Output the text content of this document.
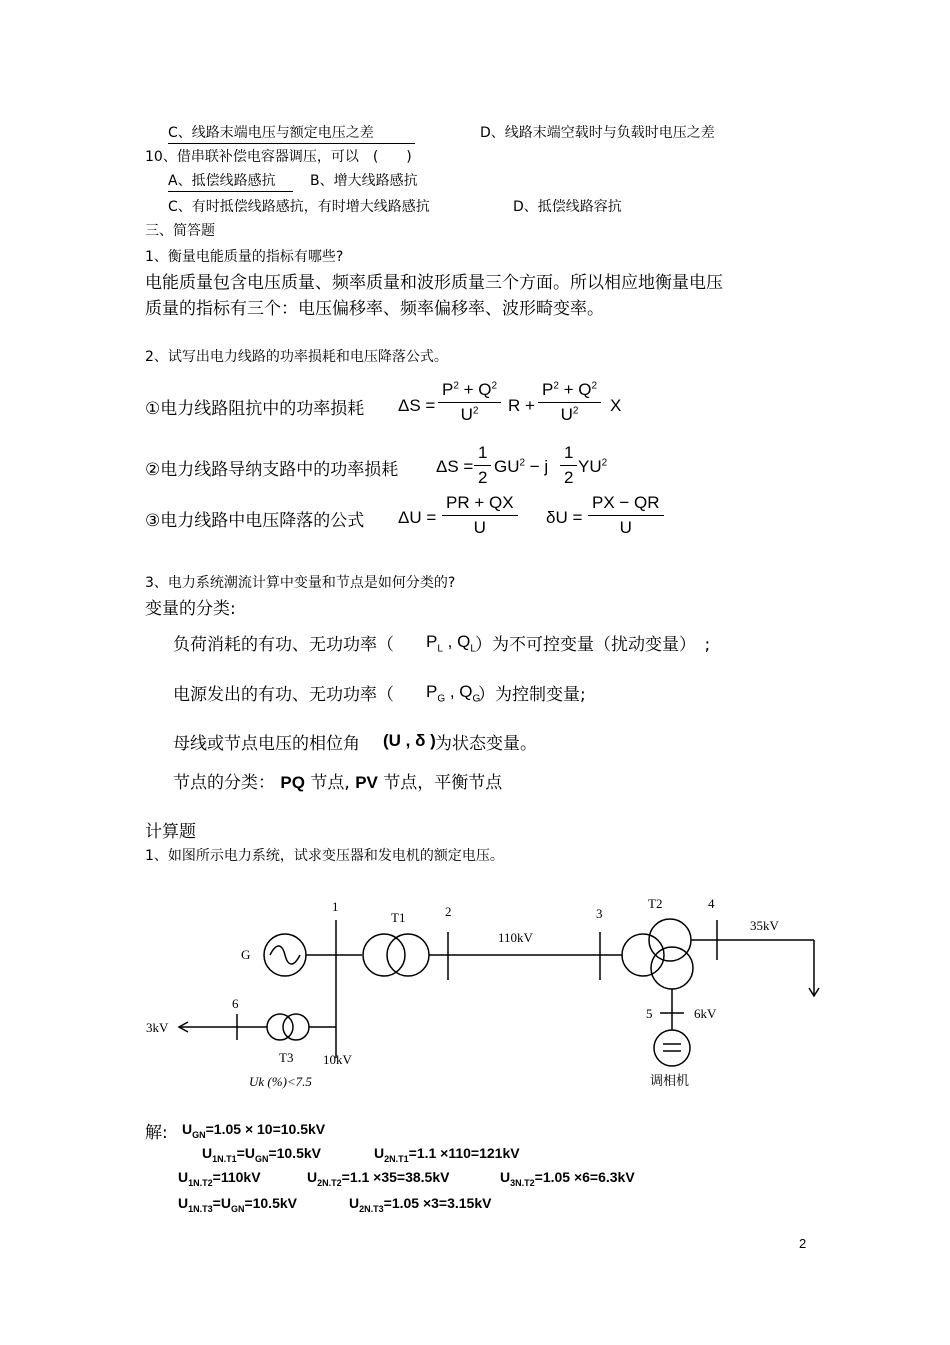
C、线路末端电压与额定电压之差	D、线路末端空载时与负载时电压之差
10、借串联补偿电容器调压，可以　(　　)
A、抵偿线路感抗	B、增大线路感抗
C、有时抵偿线路感抗，有时增大线路感抗	D、抵偿线路容抗
三、简答题
1、衡量电能质量的指标有哪些?
电能质量包含电压质量、频率质量和波形质量三个方面。所以相应地衡量电压
质量的指标有三个：电压偏移率、频率偏移率、波形畸变率。
2、试写出电力线路的功率损耗和电压降落公式。
①电力线路阻抗中的功率损耗 $\Delta S = \frac{P^2 + Q^2}{U^2}$ $R + \frac{P^2 + Q^2}{U^2}$ X
②电力线路导纳支路中的功率损耗 $\Delta S = \frac{1}{2} GU^2 - j \frac{1}{2} YU^2$
③电力线路中电压降落的公式 $\Delta U = \frac{PR + QX}{U}$ $\delta U = \frac{PX - QR}{U}$
3、电力系统潮流计算中变量和节点是如何分类的?
变量的分类:
负荷消耗的有功、无功功率（ $P_L$ , $Q_L$ ）为不可控变量（扰动变量）　;
电源发出的有功、无功功率（ $P_G$ , $Q_G$
）为控制变量;
母线或节点电压的相位角 (U , δ ) 为状态变量。
节点的分类： PQ 节点, PV 节点，平衡节点
计算题
1、如图所示电力系统，试求变压器和发电机的额定电压。
G
1
T1	2
110kV
3
T2	4
35kV
5	6kV
6
3kV
T3 10kV
Uk (%)<7.5	调相机
解: $U_{GN}=1.05 \times 10=10.5kV$
$U_{1N.T1}=U_{GN}=10.5kV$	$U_{2N.T1}=1.1 \times 110=121kV$
$U_{1N.T2}=110kV$	$U_{2N.T2}=1.1 \times 35=38.5kV$	$U_{3N.T2}=1.05 \times 6=6.3kV$
$U_{1N.T3}=U_{GN}=10.5kV$	$U_{2N.T3}=1.05 \times 3=3.15kV$
2
